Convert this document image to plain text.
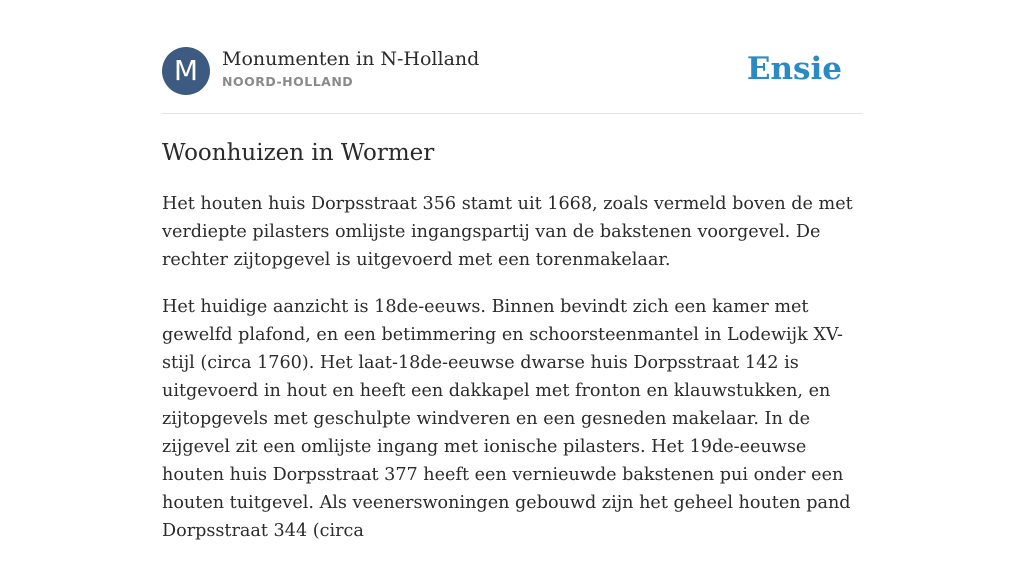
M	Monumenten in N-Holland
NOORD-HOLLAND	Ensie
Woonhuizen in Wormer

Het houten huis Dorpsstraat 356 stamt uit 1668, zoals vermeld boven de met verdiepte pilasters omlijste ingangspartij van de bakstenen voorgevel. De rechter zijtopgevel is uitgevoerd met een torenmakelaar.

Het huidige aanzicht is 18de-eeuws. Binnen bevindt zich een kamer met gewelfd plafond, en een betimmering en schoorsteenmantel in Lodewijk XV-stijl (circa 1760). Het laat-18de-eeuwse dwarse huis Dorpsstraat 142 is uitgevoerd in hout en heeft een dakkapel met fronton en klauwstukken, en zijtopgevels met geschulpte windveren en een gesneden makelaar. In de zijgevel zit een omlijste ingang met ionische pilasters. Het 19de-eeuwse houten huis Dorpsstraat 377 heeft een vernieuwde bakstenen pui onder een houten tuitgevel. Als veenerswoningen gebouwd zijn het geheel houten pand Dorpsstraat 344 (circa
